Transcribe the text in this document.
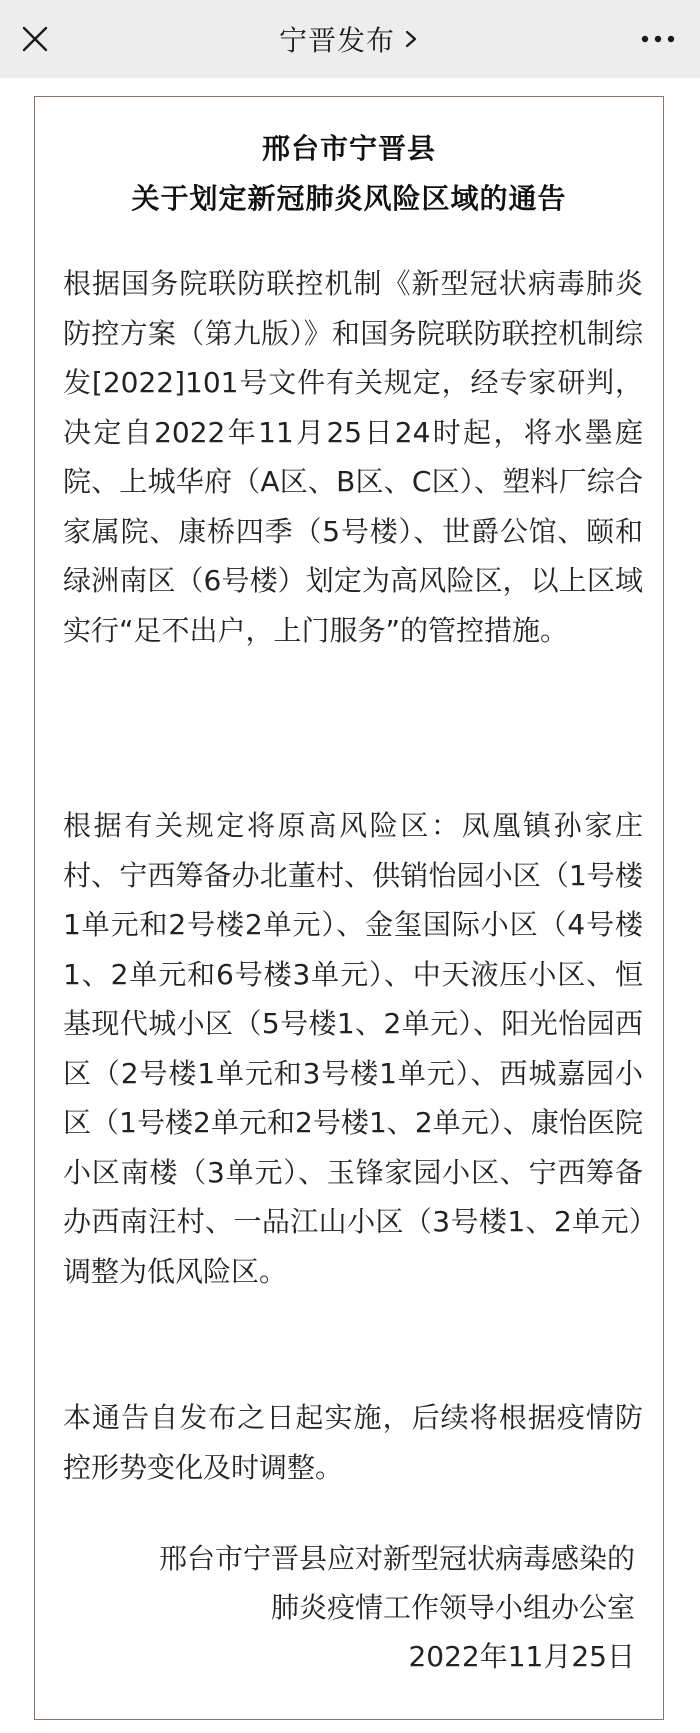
宁晋发布
邢台市宁晋县
关于划定新冠肺炎风险区域的通告

根据国务院联防联控机制《新型冠状病毒肺炎防控方案（第九版）》和国务院联防联控机制综发[2022]101号文件有关规定，经专家研判，决定自2022年11月25日24时起，将水墨庭院、上城华府（A区、B区、C区）、塑料厂综合家属院、康桥四季（5号楼）、世爵公馆、颐和绿洲南区（6号楼）划定为高风险区，以上区域实行“足不出户，上门服务”的管控措施。

根据有关规定将原高风险区：凤凰镇孙家庄村、宁西筹备办北董村、供销怡园小区（1号楼1单元和2号楼2单元）、金玺国际小区（4号楼1、2单元和6号楼3单元）、中天液压小区、恒基现代城小区（5号楼1、2单元）、阳光怡园西区（2号楼1单元和3号楼1单元）、西城嘉园小区（1号楼2单元和2号楼1、2单元）、康怡医院小区南楼（3单元）、玉锋家园小区、宁西筹备办西南汪村、一品江山小区（3号楼1、2单元）调整为低风险区。

本通告自发布之日起实施，后续将根据疫情防控形势变化及时调整。

邢台市宁晋县应对新型冠状病毒感染的
肺炎疫情工作领导小组办公室
2022年11月25日
